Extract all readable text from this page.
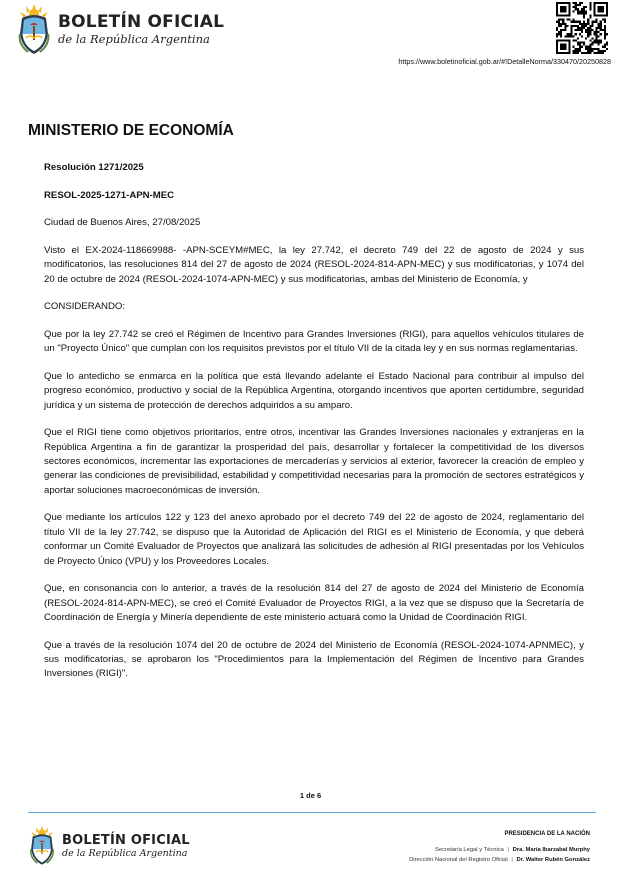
BOLETÍN OFICIAL
de la República Argentina
https://www.boletinoficial.gob.ar/#!DetalleNorma/330470/20250828
MINISTERIO DE ECONOMÍA

Resolución 1271/2025

RESOL-2025-1271-APN-MEC

Ciudad de Buenos Aires, 27/08/2025

Visto el EX-2024-118669988- -APN-SCEYM#MEC, la ley 27.742, el decreto 749 del 22 de agosto de 2024 y sus modificatorios, las resoluciones 814 del 27 de agosto de 2024 (RESOL-2024-814-APN-MEC) y sus modificatorias, y 1074 del 20 de octubre de 2024 (RESOL-2024-1074-APN-MEC) y sus modificatorias, ambas del Ministerio de Economía, y

CONSIDERANDO:

Que por la ley 27.742 se creó el Régimen de Incentivo para Grandes Inversiones (RIGI), para aquellos vehículos titulares de un "Proyecto Único" que cumplan con los requisitos previstos por el título VII de la citada ley y en sus normas reglamentarias.

Que lo antedicho se enmarca en la política que está llevando adelante el Estado Nacional para contribuir al impulso del progreso económico, productivo y social de la República Argentina, otorgando incentivos que aporten certidumbre, seguridad jurídica y un sistema de protección de derechos adquiridos a su amparo.

Que el RIGI tiene como objetivos prioritarios, entre otros, incentivar las Grandes Inversiones nacionales y extranjeras en la República Argentina a fin de garantizar la prosperidad del país, desarrollar y fortalecer la competitividad de los diversos sectores económicos, incrementar las exportaciones de mercaderías y servicios al exterior, favorecer la creación de empleo y generar las condiciones de previsibilidad, estabilidad y competitividad necesarias para la promoción de sectores estratégicos y aportar soluciones macroeconómicas de inversión.

Que mediante los artículos 122 y 123 del anexo aprobado por el decreto 749 del 22 de agosto de 2024, reglamentario del título VII de la ley 27.742, se dispuso que la Autoridad de Aplicación del RIGI es el Ministerio de Economía, y que deberá conformar un Comité Evaluador de Proyectos que analizará las solicitudes de adhesión al RIGI presentadas por los Vehículos de Proyecto Único (VPU) y los Proveedores Locales.

Que, en consonancia con lo anterior, a través de la resolución 814 del 27 de agosto de 2024 del Ministerio de Economía (RESOL-2024-814-APN-MEC), se creó el Comité Evaluador de Proyectos RIGI, a la vez que se dispuso que la Secretaría de Coordinación de Energía y Minería dependiente de este ministerio actuará como la Unidad de Coordinación RIGI.

Que a través de la resolución 1074 del 20 de octubre de 2024 del Ministerio de Economía (RESOL-2024-1074-APNMEC), y sus modificatorias, se aprobaron los "Procedimientos para la Implementación del Régimen de Incentivo para Grandes Inversiones (RIGI)".

1 de 6
BOLETÍN OFICIAL
de la República Argentina
PRESIDENCIA DE LA NACIÓN
Secretaría Legal y Técnica | Dra. María Ibarzabal Murphy
Dirección Nacional del Registro Oficial | Dr. Walter Rubén González
